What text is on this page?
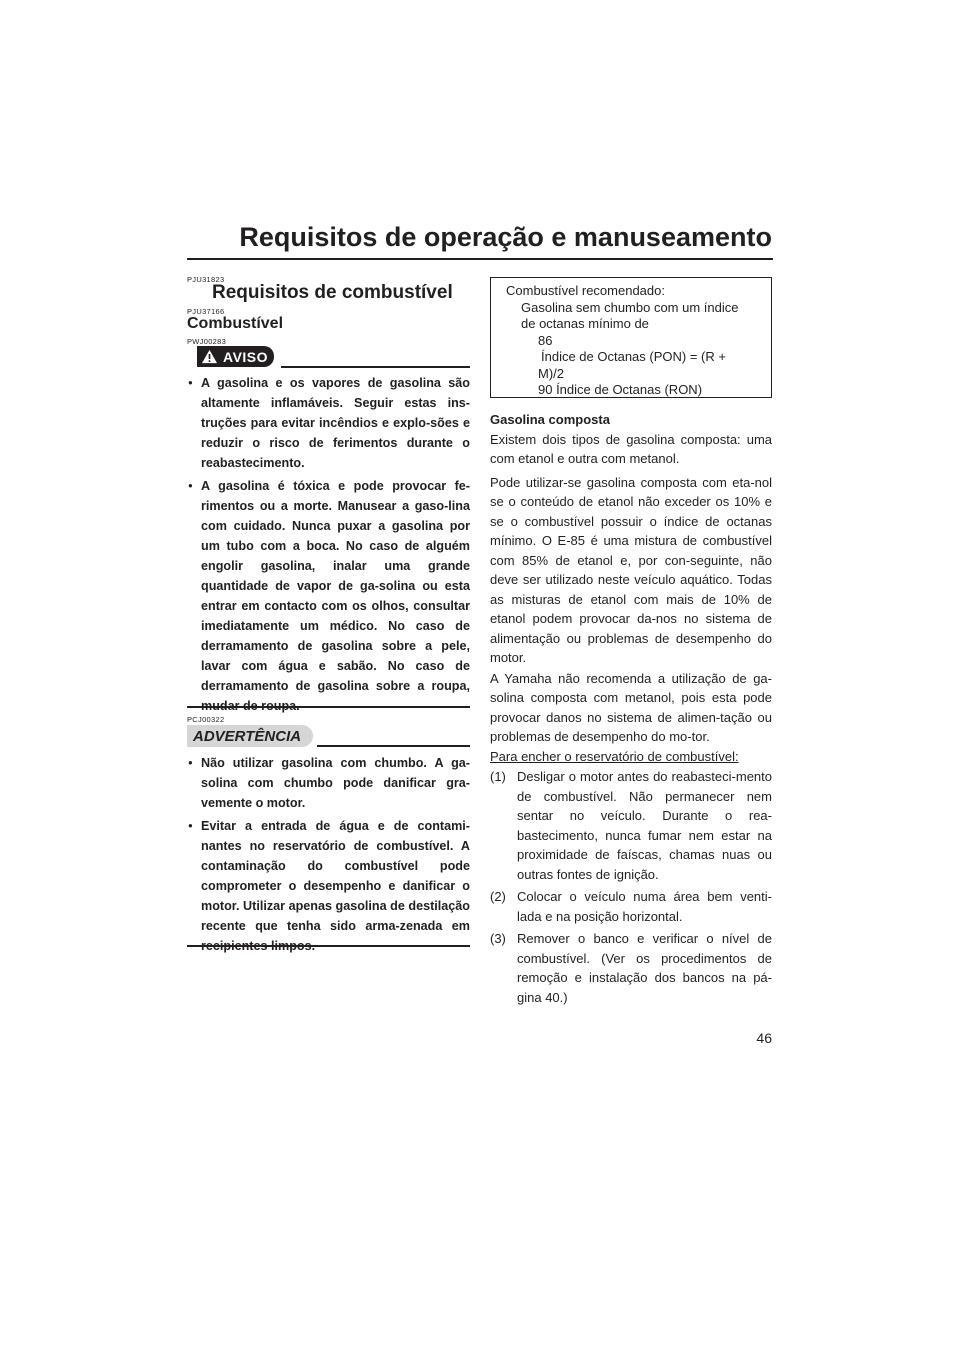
Requisitos de operação e manuseamento
PJU31823
Requisitos de combustível
PJU37166
Combustível
PWJ00283
AVISO
● A gasolina e os vapores de gasolina são altamente inflamáveis. Seguir estas ins-truções para evitar incêndios e explo-sões e reduzir o risco de ferimentos durante o reabastecimento.
● A gasolina é tóxica e pode provocar fe-rimentos ou a morte. Manusear a gaso-lina com cuidado. Nunca puxar a gasolina por um tubo com a boca. No caso de alguém engolir gasolina, inalar uma grande quantidade de vapor de ga-solina ou esta entrar em contacto com os olhos, consultar imediatamente um médico. No caso de derramamento de gasolina sobre a pele, lavar com água e sabão. No caso de derramamento de gasolina sobre a roupa,
PCJ00322
ADVERTÊNCIA
● Não utilizar gasolina com chumbo. A ga-solina com chumbo pode danificar gra-vemente o motor.
● Evitar a entrada de água e de contami-nantes no reservatório de combustível. A contaminação do combustível pode comprometer o desempenho e danificar o motor. Utilizar apenas gasolina de destilação recente que tenha sido arma-zenada em
Combustível recomendado:
Gasolina sem chumbo com um índice
de octanas mínimo de
86
Índice de Octanas (PON) = (R +
M)/2
90 Índice de Octanas (RON)

Gasolina composta

Existem dois tipos de gasolina composta: uma com etanol e outra com metanol.

Pode utilizar-se gasolina composta com eta-nol se o conteúdo de etanol não exceder os 10% e se o combustível possuir o índice de octanas mínimo. O E-85 é uma mistura de combustível com 85% de etanol e, por con-seguinte, não deve ser utilizado neste veículo aquático. Todas as misturas de etanol com mais de 10% de etanol podem provocar da-nos no sistema de alimentação ou problemas de desempenho do motor.

A Yamaha não recomenda a utilização de ga-solina composta com metanol, pois esta pode provocar danos no sistema de alimen-tação ou problemas de desempenho do mo-tor.

Para encher o reservatório de combustível:

(1) Desligar o motor antes do reabasteci-mento de combustível. Não permanecer nem sentar no veículo. Durante o rea-bastecimento, nunca fumar nem estar na proximidade de faíscas, chamas nuas ou outras fontes de ignição.
(2) Colocar o veículo numa área bem venti-lada e na posição horizontal.
(3) Remover o banco e verificar o nível de combustível. (Ver os procedimentos de remoção e instalação dos bancos na pá-gina 40.)
46
